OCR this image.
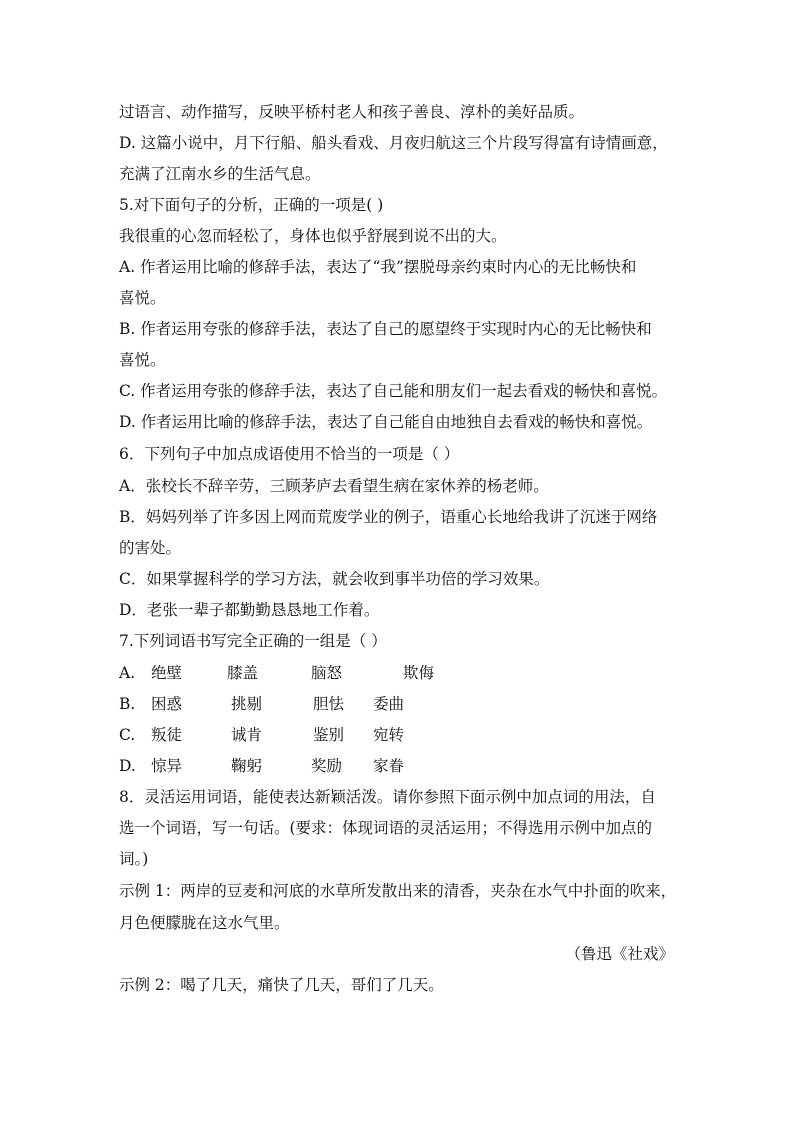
过语言、动作描写，反映平桥村老人和孩子善良、淳朴的美好品质。
D. 这篇小说中，月下行船、船头看戏、月夜归航这三个片段写得富有诗情画意，
充满了江南水乡的生活气息。
5.对下面句子的分析，正确的一项是( )
我很重的心忽而轻松了，身体也似乎舒展到说不出的大。
A. 作者运用比喻的修辞手法，表达了“我”摆脱母亲约束时内心的无比畅快和
喜悦。
B. 作者运用夸张的修辞手法，表达了自己的愿望终于实现时内心的无比畅快和
喜悦。
C. 作者运用夸张的修辞手法，表达了自己能和朋友们一起去看戏的畅快和喜悦。
D. 作者运用比喻的修辞手法，表达了自己能自由地独自去看戏的畅快和喜悦。
6．下列句子中加点成语使用不恰当的一项是（ ）
A．张校长不辞辛劳，三顾茅庐去看望生病在家休养的杨老师。
B．妈妈列举了许多因上网而荒废学业的例子，语重心长地给我讲了沉迷于网络
的害处。
C．如果掌握科学的学习方法，就会收到事半功倍的学习效果。
D．老张一辈子都勤勤恳恳地工作着。
7.下列词语书写完全正确的一组是（ ）
A. 绝壁	膝盖	脑怒	欺侮
B. 困惑	挑剔	胆怯 委曲
C. 叛徒	诚肯	鉴别 宛转
D. 惊异	鞠躬	奖励 家眷
8．灵活运用词语，能使表达新颖活泼。请你参照下面示例中加点词的用法，自
选一个词语，写一句话。(要求：体现词语的灵活运用；不得选用示例中加点的
词。)
示例 1：两岸的豆麦和河底的水草所发散出来的清香，夹杂在水气中扑面的吹来，
月色便朦胧在这水气里。
（鲁迅《社戏》
示例 2：喝了几天，痛快了几天，哥们了几天。
